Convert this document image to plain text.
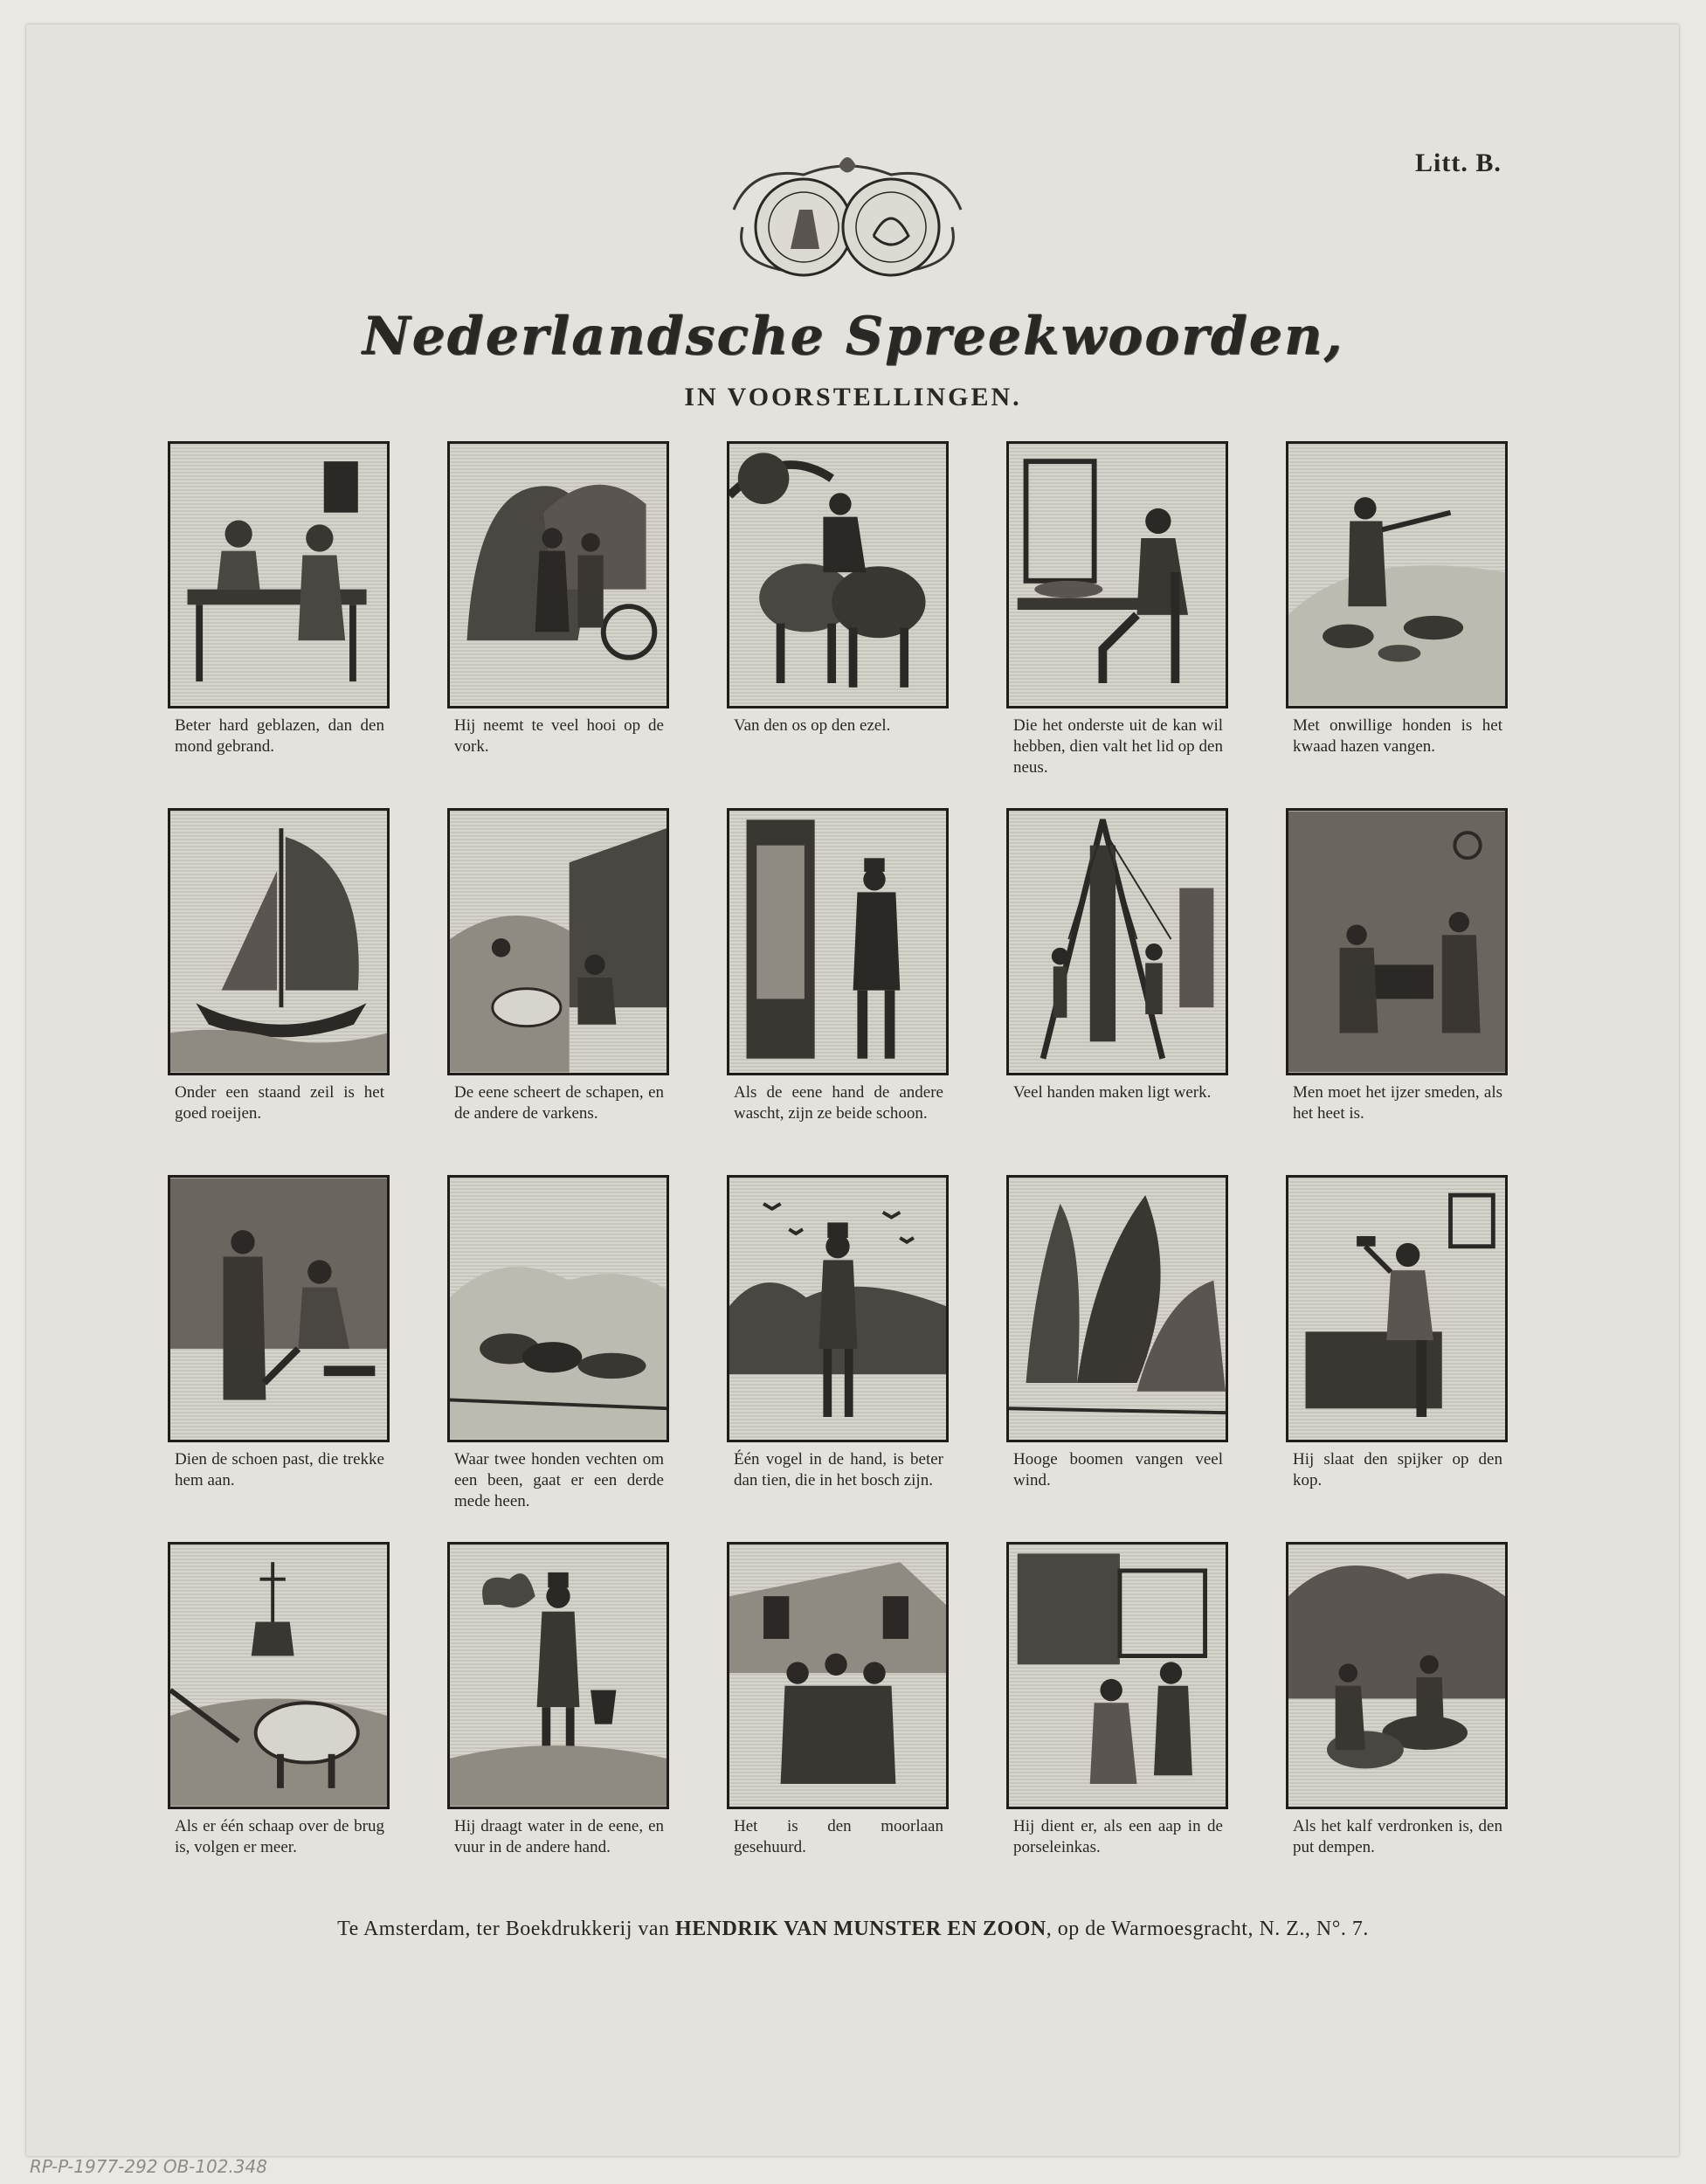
Litt. B.
Nederlandsche Spreekwoorden,
IN VOORSTELLINGEN.
Beter hard geblazen, dan den mond gebrand.
Hij neemt te veel hooi op de vork.
Van den os op den ezel.	Die het onderste uit de kan wil hebben, dien valt het lid op den neus.
Met onwillige honden is het kwaad hazen vangen.
Onder een staand zeil is het goed roeijen.
De eene scheert de schapen, en de andere de varkens.
Als de eene hand de andere wascht, zijn ze beide schoon.
Veel handen maken ligt werk.	Men moet het ijzer smeden, als het heet is.
Dien de schoen past, die trekke hem aan.
Waar twee honden vechten om een been, gaat er een derde mede heen.
Één vogel in de hand, is beter dan tien, die in het bosch zijn.
Hooge boomen vangen veel wind.
Hij slaat den spijker op den kop.
Als er één schaap over de brug is, volgen er meer.
Hij draagt water in de eene, en vuur in de andere hand.
Het is den moorlaan gesehuurd.
Hij dient er, als een aap in de porseleinkas.
Als het kalf verdronken is, den put dempen.
Te Amsterdam, ter Boekdrukkerij van HENDRIK VAN MUNSTER EN ZOON, op de Warmoesgracht, N. Z., N°. 7.
RP-P-1977-292 OB-102.348
